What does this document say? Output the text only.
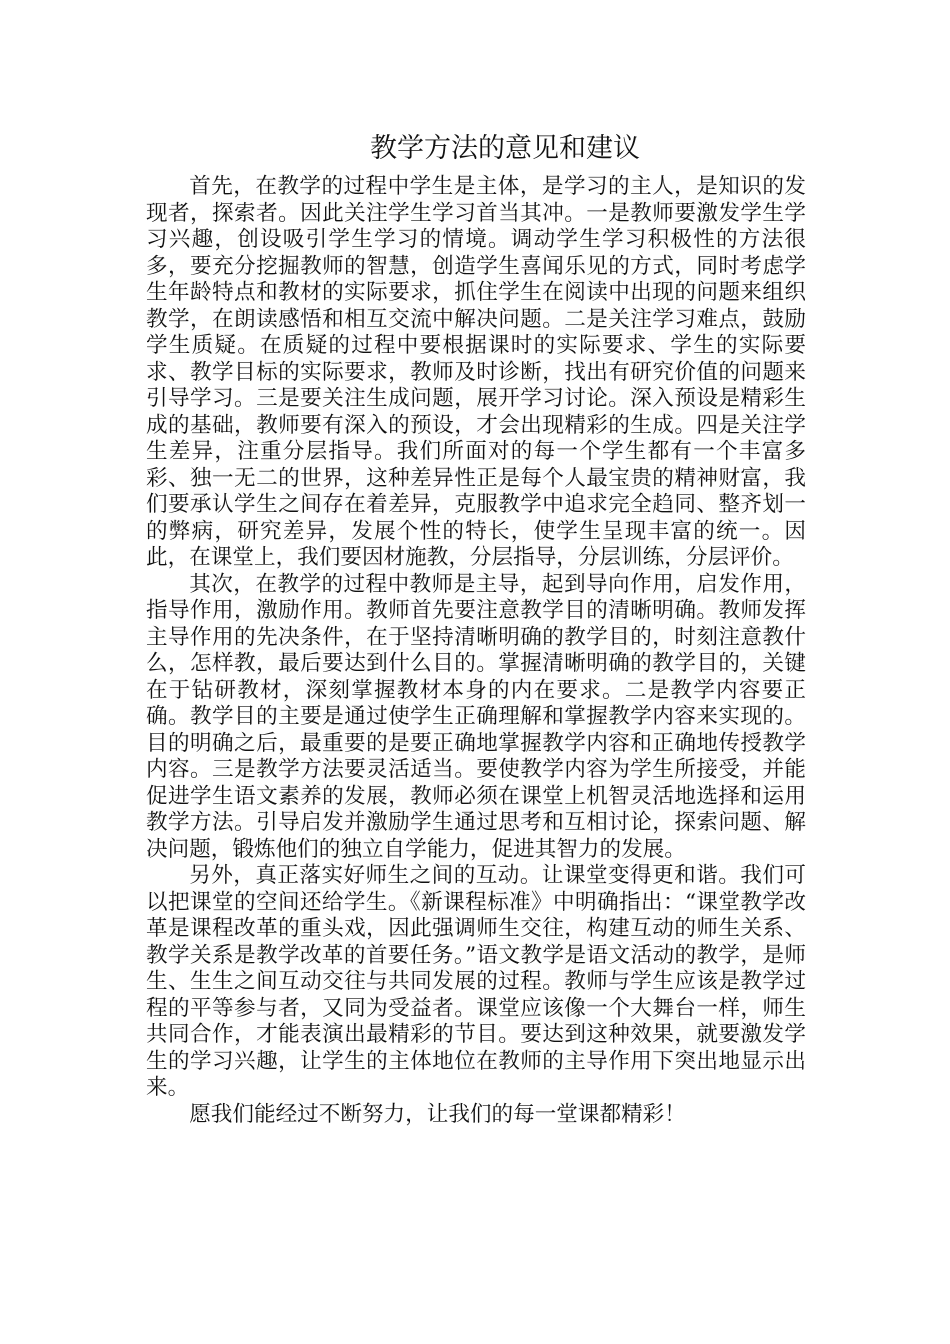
教学方法的意见和建议

首先，在教学的过程中学生是主体，是学习的主人，是知识的发现者，探索者。因此关注学生学习首当其冲。一是教师要激发学生学习兴趣，创设吸引学生学习的情境。调动学生学习积极性的方法很多，要充分挖掘教师的智慧，创造学生喜闻乐见的方式，同时考虑学生年龄特点和教材的实际要求，抓住学生在阅读中出现的问题来组织教学，在朗读感悟和相互交流中解决问题。二是关注学习难点，鼓励学生质疑。在质疑的过程中要根据课时的实际要求、学生的实际要求、教学目标的实际要求，教师及时诊断，找出有研究价值的问题来引导学习。三是要关注生成问题，展开学习讨论。深入预设是精彩生成的基础，教师要有深入的预设，才会出现精彩的生成。四是关注学生差异，注重分层指导。我们所面对的每一个学生都有一个丰富多彩、独一无二的世界，这种差异性正是每个人最宝贵的精神财富，我们要承认学生之间存在着差异，克服教学中追求完全趋同、整齐划一的弊病，研究差异，发展个性的特长，使学生呈现丰富的统一。因此，在课堂上，我们要因材施教，分层指导，分层训练，分层评价。

其次，在教学的过程中教师是主导，起到导向作用，启发作用，指导作用，激励作用。教师首先要注意教学目的清晰明确。教师发挥主导作用的先决条件，在于坚持清晰明确的教学目的，时刻注意教什么，怎样教，最后要达到什么目的。掌握清晰明确的教学目的，关键在于钻研教材，深刻掌握教材本身的内在要求。二是教学内容要正确。教学目的主要是通过使学生正确理解和掌握教学内容来实现的。目的明确之后，最重要的是要正确地掌握教学内容和正确地传授教学内容。三是教学方法要灵活适当。要使教学内容为学生所接受，并能促进学生语文素养的发展，教师必须在课堂上机智灵活地选择和运用教学方法。引导启发并激励学生通过思考和互相讨论，探索问题、解决问题，锻炼他们的独立自学能力，促进其智力的发展。

另外，真正落实好师生之间的互动。让课堂变得更和谐。我们可以把课堂的空间还给学生。《新课程标准》中明确指出：“课堂教学改革是课程改革的重头戏，因此强调师生交往，构建互动的师生关系、教学关系是教学改革的首要任务。”语文教学是语文活动的教学，是师生、生生之间互动交往与共同发展的过程。教师与学生应该是教学过程的平等参与者，又同为受益者。课堂应该像一个大舞台一样，师生共同合作，才能表演出最精彩的节目。要达到这种效果，就要激发学生的学习兴趣，让学生的主体地位在教师的主导作用下突出地显示出来。

愿我们能经过不断努力，让我们的每一堂课都精彩！
